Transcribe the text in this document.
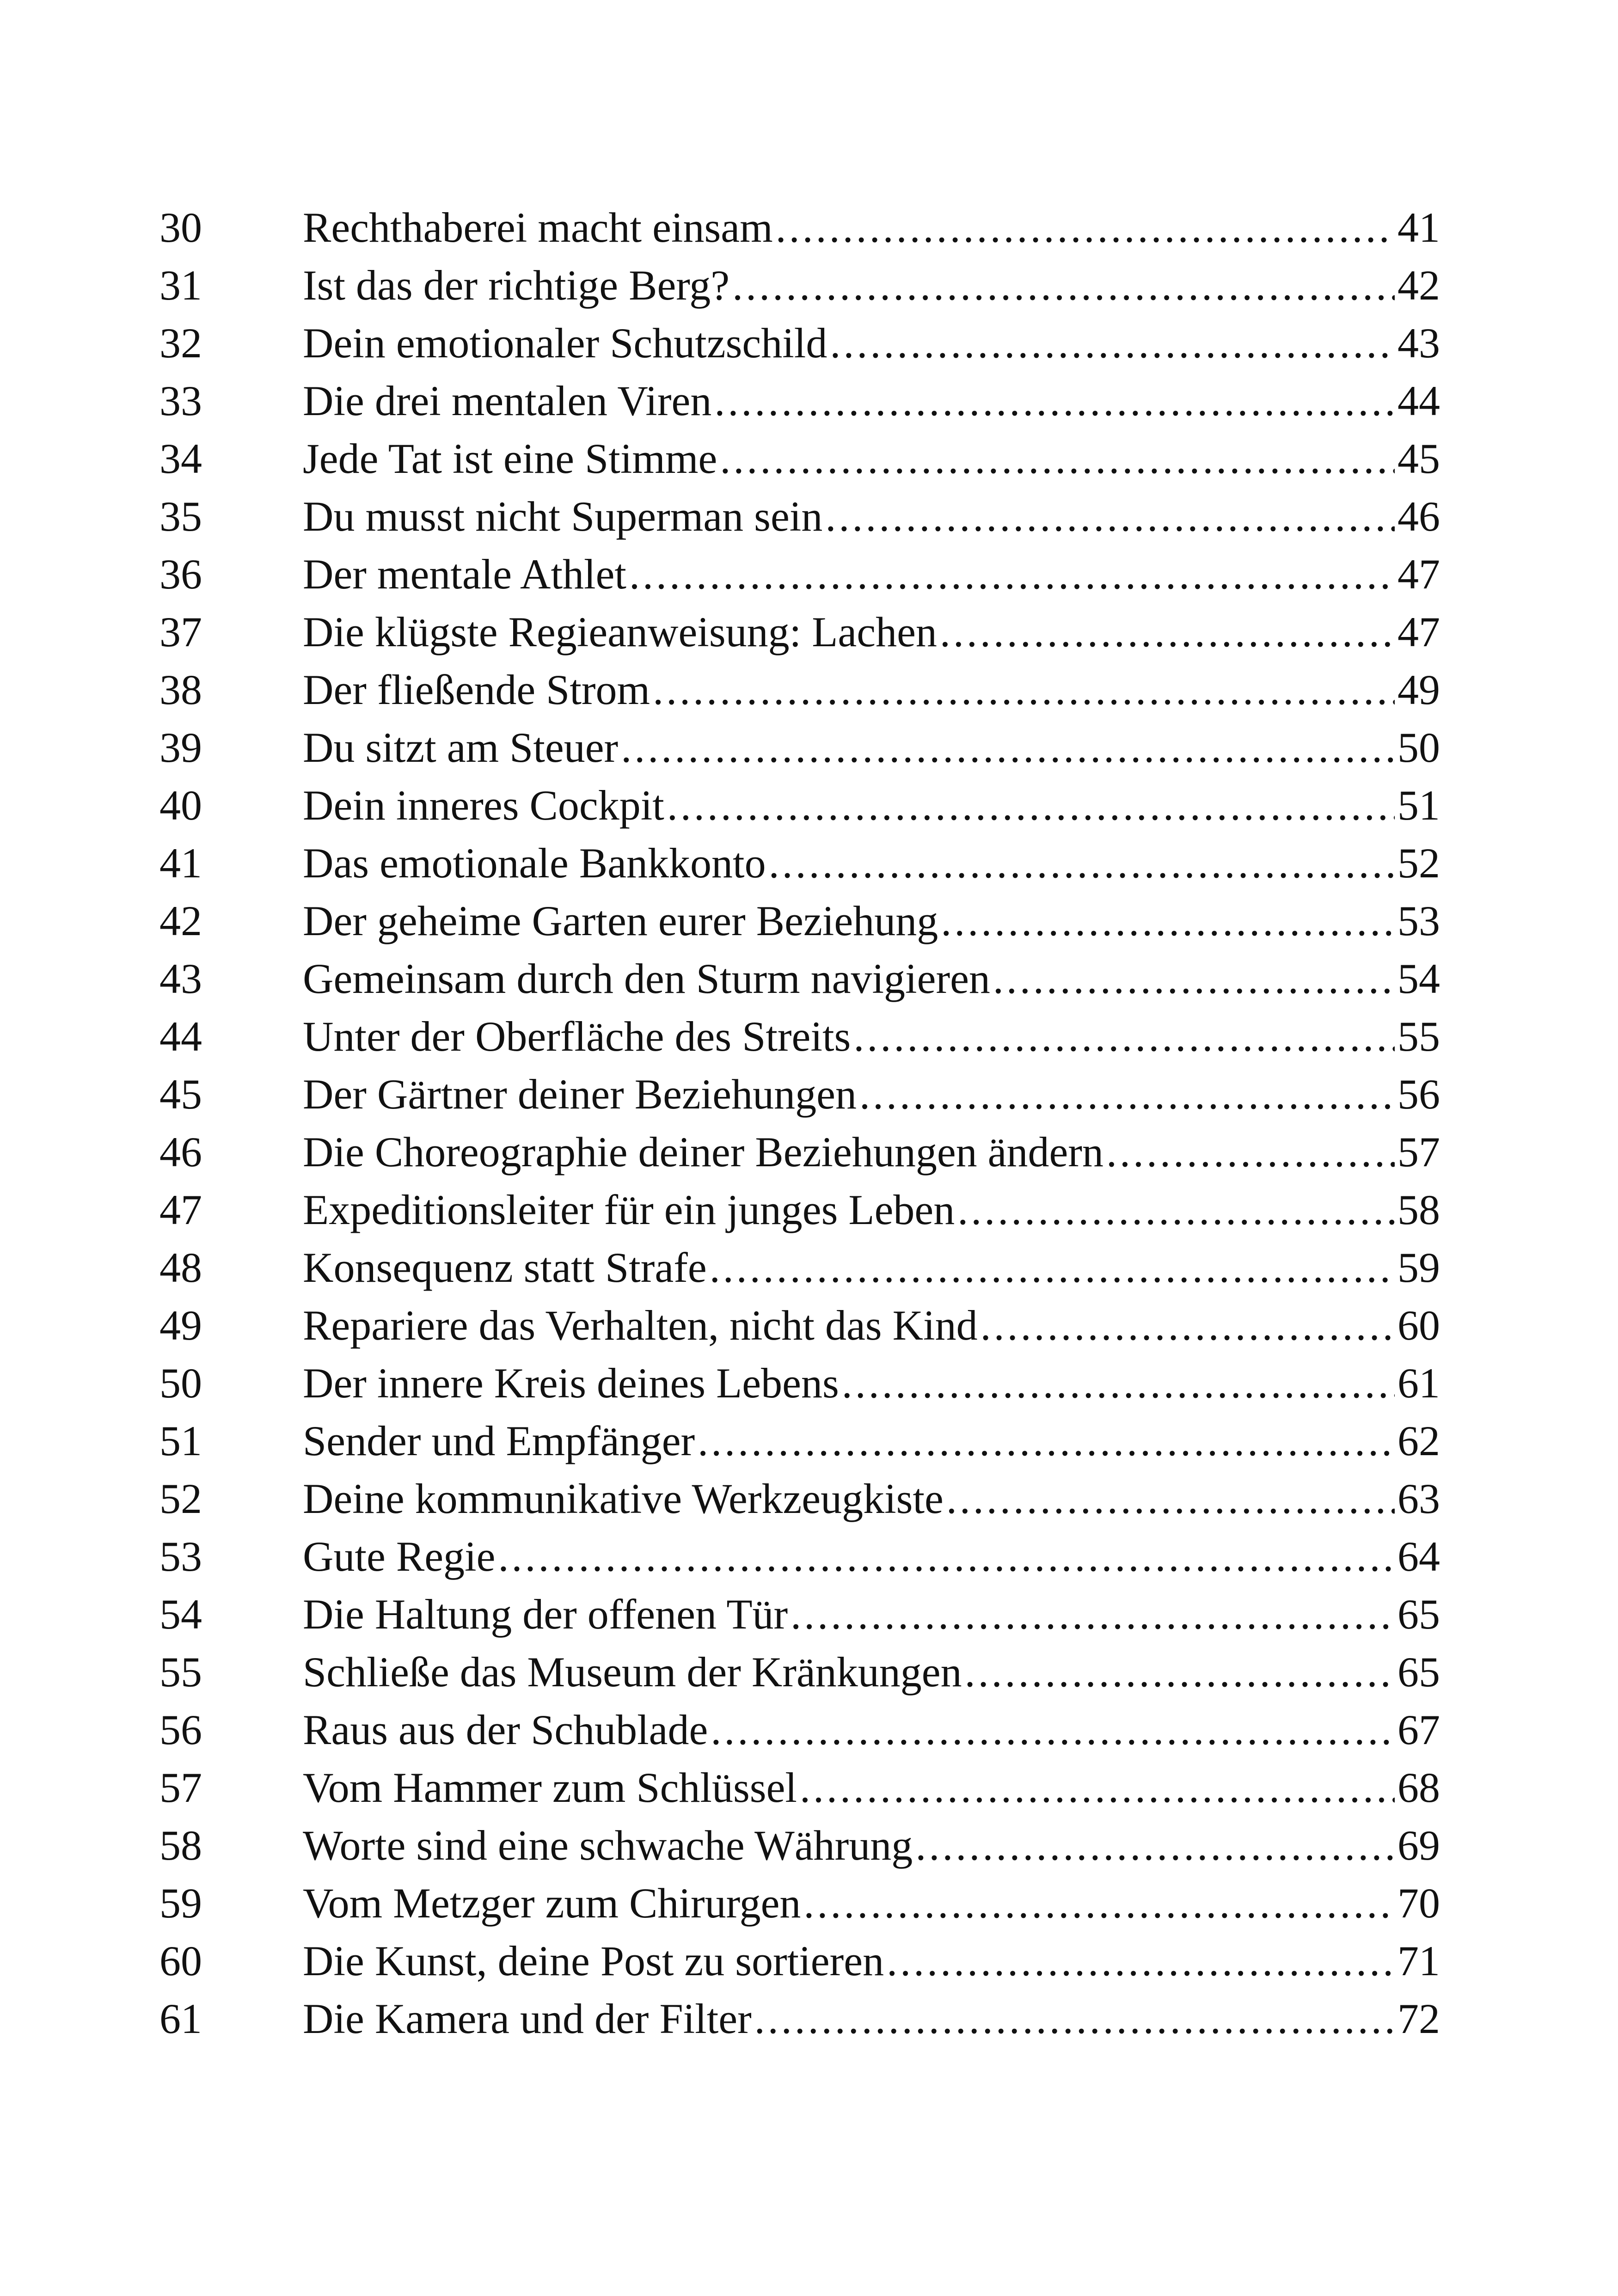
30	Rechthaberei macht einsam .....	41
31	Ist das der richtige Berg? .....	42
32	Dein emotionaler Schutzschild .....	43
33	Die drei mentalen Viren .....	44
34	Jede Tat ist eine Stimme .....	45
35	Du musst nicht Superman sein .....	46
36	Der mentale Athlet .....	47
37	Die klügste Regieanweisung: Lachen .....	47
38	Der fließende Strom .....	49
39	Du sitzt am Steuer .....	50
40	Dein inneres Cockpit .....	51
41	Das emotionale Bankkonto .....	52
42	Der geheime Garten eurer Beziehung .....	53
43	Gemeinsam durch den Sturm navigieren .....	54
44	Unter der Oberfläche des Streits .....	55
45	Der Gärtner deiner Beziehungen .....	56
46	Die Choreographie deiner Beziehungen ändern .....	57
47	Expeditionsleiter für ein junges Leben .....	58
48	Konsequenz statt Strafe .....	59
49	Repariere das Verhalten, nicht das Kind .....	60
50	Der innere Kreis deines Lebens .....	61
51	Sender und Empfänger .....	62
52	Deine kommunikative Werkzeugkiste .....	63
53	Gute Regie .....	64
54	Die Haltung der offenen Tür .....	65
55	Schließe das Museum der Kränkungen .....	65
56	Raus aus der Schublade .....	67
57	Vom Hammer zum Schlüssel .....	68
58	Worte sind eine schwache Währung .....	69
59	Vom Metzger zum Chirurgen .....	70
60	Die Kunst, deine Post zu sortieren .....	71
61	Die Kamera und der Filter .....	72
